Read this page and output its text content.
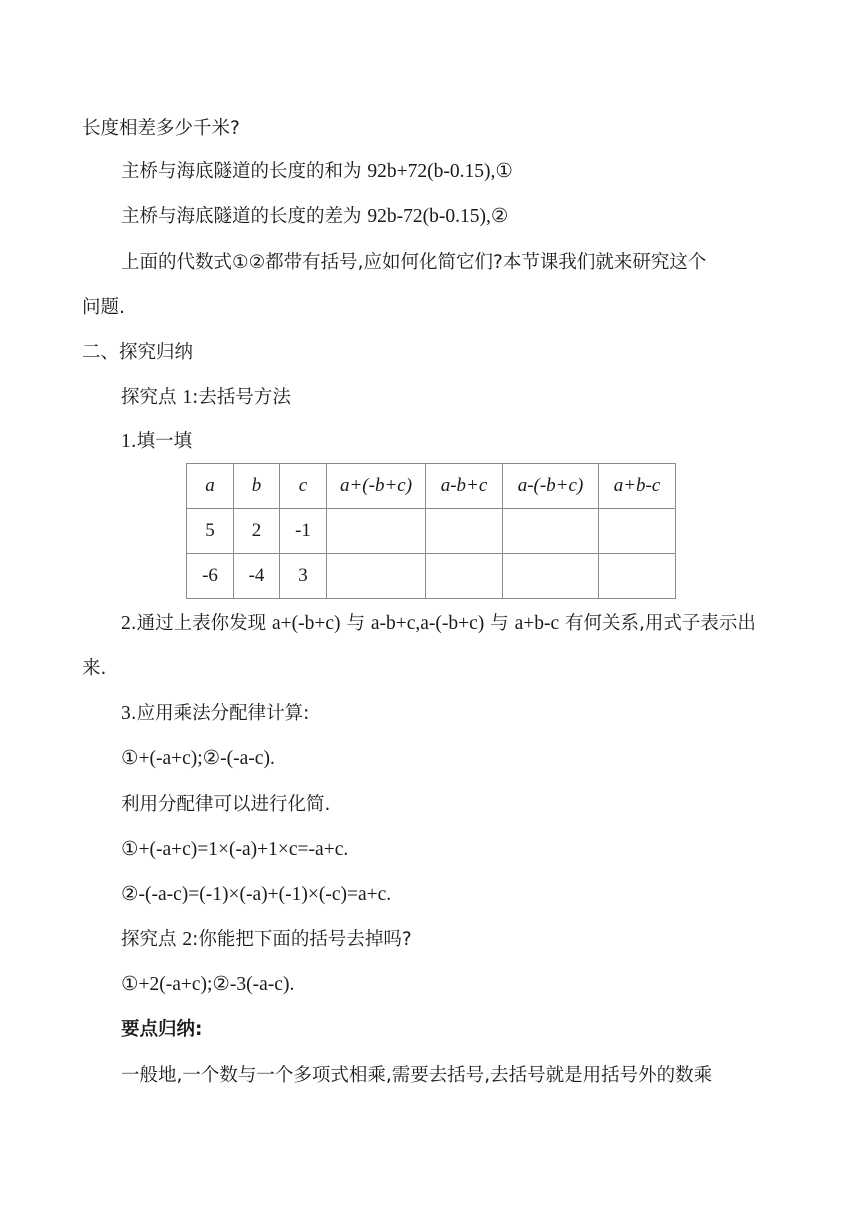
长度相差多少千米?
主桥与海底隧道的长度的和为 92b+72(b-0.15),①
主桥与海底隧道的长度的差为 92b-72(b-0.15),②
上面的代数式①②都带有括号,应如何化简它们?本节课我们就来研究这个
问题.
二、探究归纳
探究点 1:去括号方法
1.填一填
a	b	c	a+(-b+c)	a-b+c	a-(-b+c)	a+b-c
5	2	-1				
-6	-4	3				
2.通过上表你发现 a+(-b+c) 与 a-b+c,a-(-b+c) 与 a+b-c 有何关系,用式子表示出
来.
3.应用乘法分配律计算:
①+(-a+c);②-(-a-c).
利用分配律可以进行化简.
①+(-a+c)=1×(-a)+1×c=-a+c.
②-(-a-c)=(-1)×(-a)+(-1)×(-c)=a+c.
探究点 2:你能把下面的括号去掉吗?
①+2(-a+c);②-3(-a-c).
要点归纳:
一般地,一个数与一个多项式相乘,需要去括号,去括号就是用括号外的数乘
